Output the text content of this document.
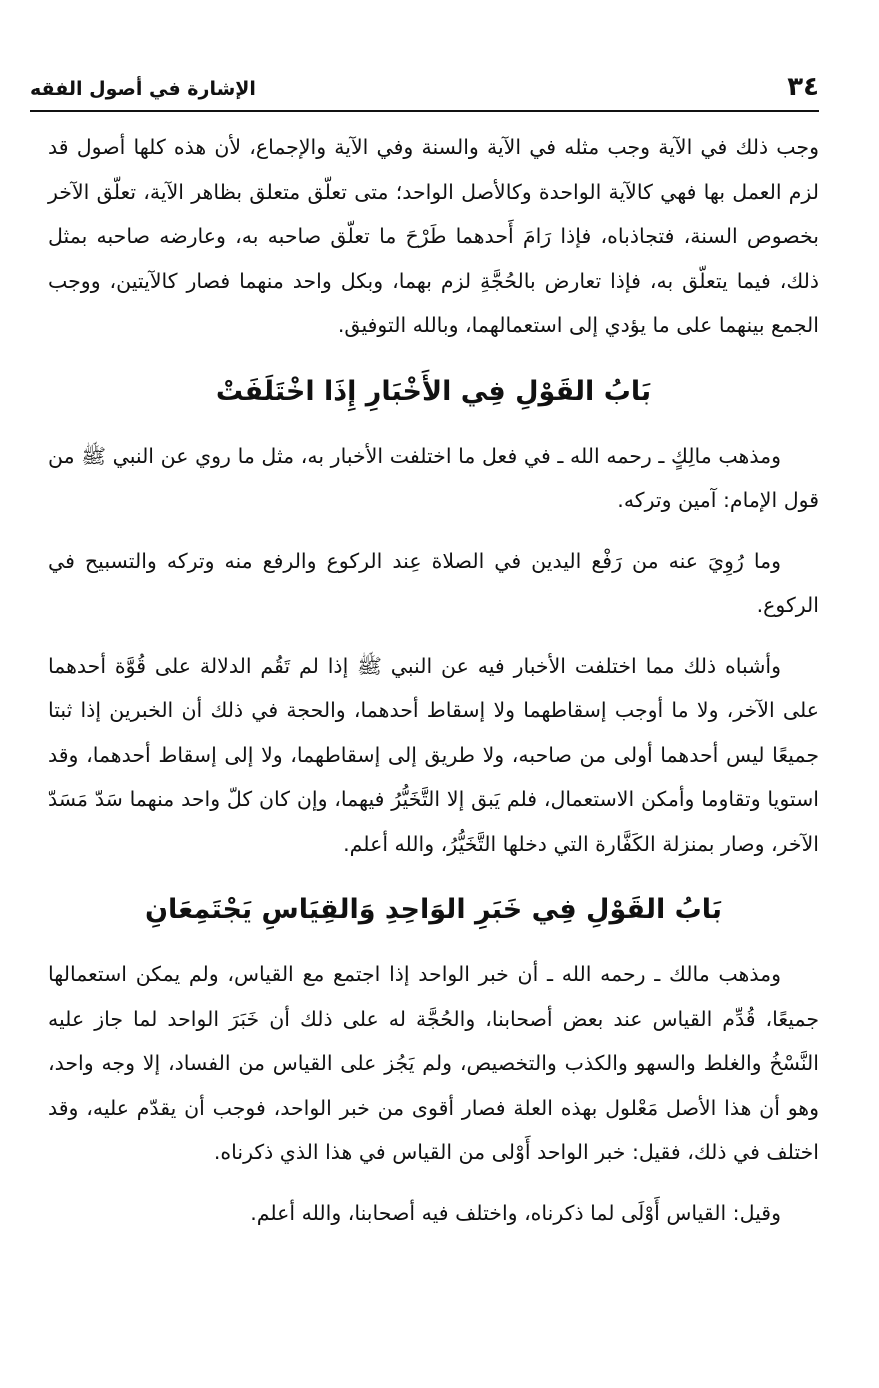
٣٤
الإشارة في أصول الفقه

وجب ذلك في الآية وجب مثله في الآية والسنة وفي الآية والإجماع، لأن هذه كلها أصول قد لزم العمل بها فهي كالآية الواحدة وكالأصل الواحد؛ متى تعلّق متعلق بظاهر الآية، تعلّق الآخر بخصوص السنة، فتجاذباه، فإذا رَامَ أَحدهما طَرْحَ ما تعلّق صاحبه به، وعارضه صاحبه بمثل ذلك، فيما يتعلّق به، فإذا تعارض بالحُجَّةِ لزم بهما، وبكل واحد منهما فصار كالآيتين، ووجب الجمع بينهما على ما يؤدي إلى استعمالهما، وبالله التوفيق.

بَابُ القَوْلِ فِي الأَخْبَارِ إِذَا اخْتَلَفَتْ

ومذهب مالِكٍ ـ رحمه الله ـ في فعل ما اختلفت الأخبار به، مثل ما روي عن النبي ﷺ من قول الإمام: آمين وتركه.

وما رُوِيَ عنه من رَفْع اليدين في الصلاة عِند الركوع والرفع منه وتركه والتسبيح في الركوع.

وأشباه ذلك مما اختلفت الأخبار فيه عن النبي ﷺ إذا لم تَقُم الدلالة على قُوَّة أحدهما على الآخر، ولا ما أوجب إسقاطهما ولا إسقاط أحدهما، والحجة في ذلك أن الخبرين إذا ثبتا جميعًا ليس أحدهما أولى من صاحبه، ولا طريق إلى إسقاطهما، ولا إلى إسقاط أحدهما، وقد استويا وتقاوما وأمكن الاستعمال، فلم يَبق إلا التَّخَيُّرُ فيهما، وإن كان كلّ واحد منهما سَدّ مَسَدّ الآخر، وصار بمنزلة الكَفَّارة التي دخلها التَّخَيُّرُ، والله أعلم.

بَابُ القَوْلِ فِي خَبَرِ الوَاحِدِ وَالقِيَاسِ يَجْتَمِعَانِ

ومذهب مالك ـ رحمه الله ـ أن خبر الواحد إذا اجتمع مع القياس، ولم يمكن استعمالها جميعًا، قُدِّم القياس عند بعض أصحابنا، والحُجَّة له على ذلك أن خَبَرَ الواحد لما جاز عليه النَّسْخُ والغلط والسهو والكذب والتخصيص، ولم يَجُز على القياس من الفساد، إلا وجه واحد، وهو أن هذا الأصل مَعْلول بهذه العلة فصار أقوى من خبر الواحد، فوجب أن يقدّم عليه، وقد اختلف في ذلك، فقيل: خبر الواحد أَوْلى من القياس في هذا الذي ذكرناه.

وقيل: القياس أَوْلَى لما ذكرناه، واختلف فيه أصحابنا، والله أعلم.
